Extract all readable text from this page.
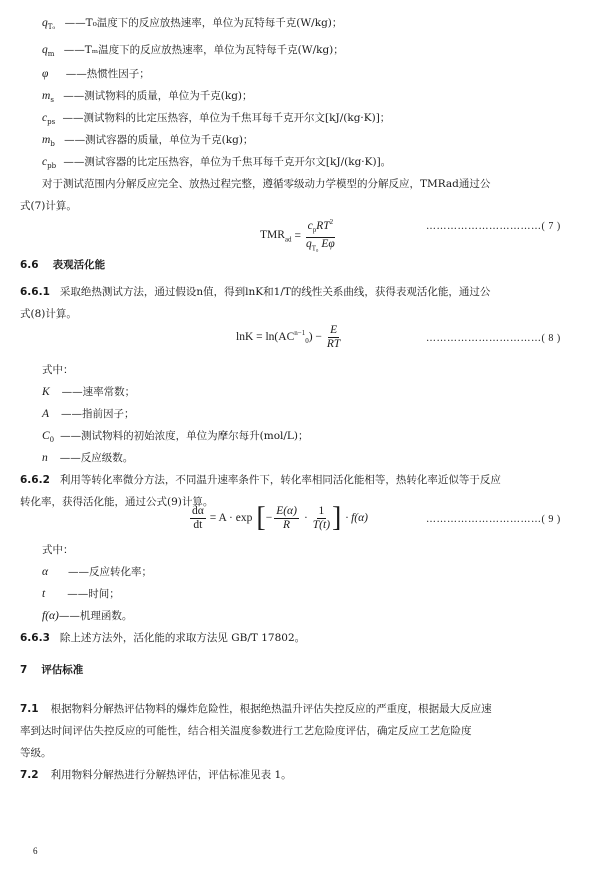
$q_{T_0}$ ——T₀温度下的反应放热速率，单位为瓦特每千克(W/kg)；
$q_m$ ——Tₘ温度下的反应放热速率，单位为瓦特每千克(W/kg)；
φ ——热惯性因子；
$m_s$ ——测试物料的质量，单位为千克(kg)；
$c_{ps}$ ——测试物料的比定压热容，单位为千焦耳每千克开尔文[kJ/(kg·K)]；
$m_b$ ——测试容器的质量，单位为千克(kg)；
$c_{pb}$ ——测试容器的比定压热容，单位为千焦耳每千克开尔文[kJ/(kg·K)]。
对于测试范围内分解反应完全、放热过程完整，遵循零级动力学模型的分解反应，TMRad通过公
式(7)计算。
$TMR_{ad} = \frac{c_pRT^2}{q_{T_0} E\varphi}$	……………………………( 7 )
6.6 表观活化能
6.6.1 采取绝热测试方法，通过假设n值，得到lnK和1/T的线性关系曲线，获得表观活化能，通过公
式(8)计算。
$\ln K = \ln(AC^{n-1}_0) - \frac{E}{RT}$	……………………………( 8 )
式中：
K ——速率常数；
A ——指前因子；
$C_0$ ——测试物料的初始浓度，单位为摩尔每升(mol/L)；
n ——反应级数。
6.6.2 利用等转化率微分方法，不同温升速率条件下，转化率相同活化能相等，热转化率近似等于反应
转化率，获得活化能，通过公式(9)计算。
$\frac{d\alpha}{dt} = A \cdot \exp$ [ − $\frac{E(\alpha)}{R} \cdot \frac{1}{T(t)}$ ] · f(α)	……………………………( 9 )
式中：
α ——反应转化率；
t ——时间；
f(α)——机理函数。
6.6.3 除上述方法外，活化能的求取方法见 GB/T 17802。
7 评估标准
7.1 根据物料分解热评估物料的爆炸危险性，根据绝热温升评估失控反应的严重度，根据最大反应速
率到达时间评估失控反应的可能性，结合相关温度参数进行工艺危险度评估，确定反应工艺危险度
等级。
7.2 利用物料分解热进行分解热评估，评估标准见表 1。
6
